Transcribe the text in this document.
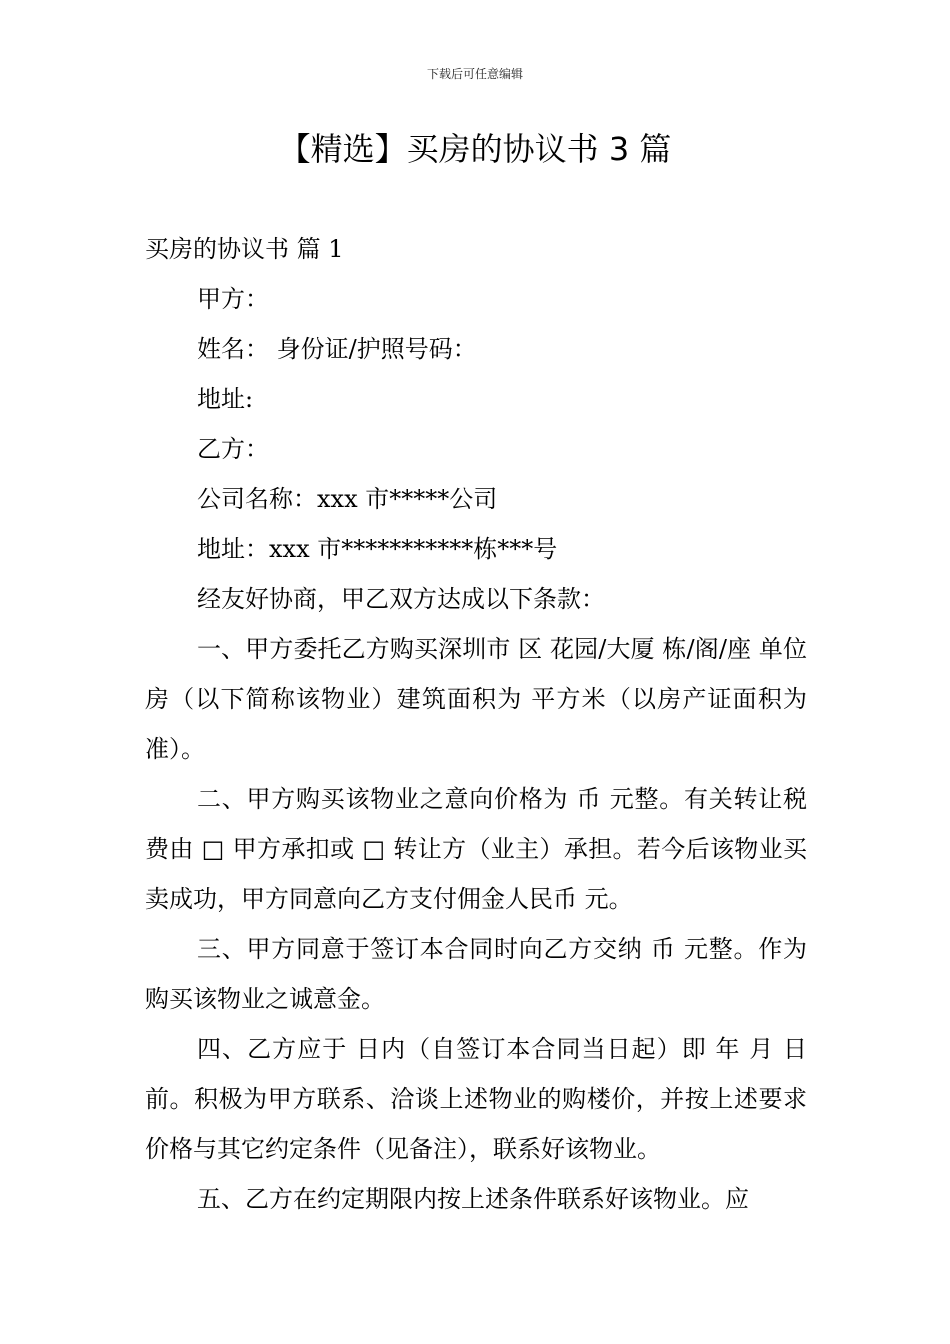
下载后可任意编辑
【精选】买房的协议书 3 篇

买房的协议书 篇 1

甲方：

姓名： 身份证/护照号码：

地址:

乙方：

公司名称：xxx 市*****公司

地址：xxx 市***********栋***号

经友好协商，甲乙双方达成以下条款：

一、甲方委托乙方购买深圳市 区 花园/大厦 栋/阁/座 单位房（以下简称该物业）建筑面积为 平方米（以房产证面积为准）。

二、甲方购买该物业之意向价格为 币 元整。有关转让税费由 □ 甲方承扣或 □ 转让方（业主）承担。若今后该物业买卖成功，甲方同意向乙方支付佣金人民币 元。

三、甲方同意于签订本合同时向乙方交纳 币 元整。作为购买该物业之诚意金。

四、乙方应于 日内（自签订本合同当日起）即 年 月 日 前。积极为甲方联系、洽谈上述物业的购楼价，并按上述要求价格与其它约定条件（见备注），联系好该物业。

五、乙方在约定期限内按上述条件联系好该物业。应
